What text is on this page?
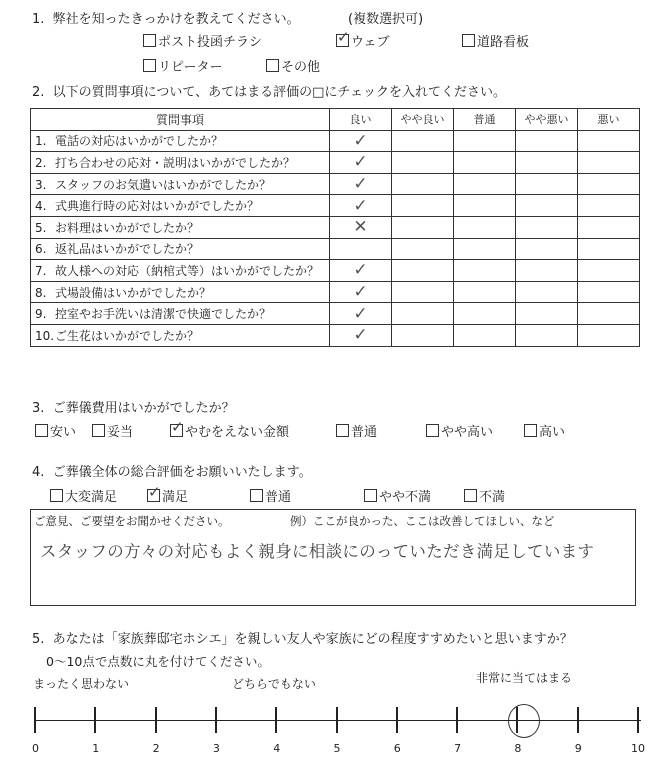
1. 弊社を知ったきっかけを教えてください。	(複数選択可)
ポスト投函チラシ ✓	ウェブ	道路看板
リピーター	その他
2. 以下の質問事項について、あてはまる評価の□にチェックを入れてください。
質問事項	良い	やや良い	普通	やや悪い	悪い
1. 電話の対応はいかがでしたか？	✓				
2. 打ち合わせの応対・説明はいかがでしたか？	✓				
3. スタッフのお気遣いはいかがでしたか？	✓				
4. 式典進行時の応対はいかがでしたか？	✓				
5. お料理はいかがでしたか？	✕				
6. 返礼品はいかがでしたか？					
7. 故人様への対応（納棺式等）はいかがでしたか？	✓				
8. 式場設備はいかがでしたか？	✓				
9. 控室やお手洗いは清潔で快適でしたか？	✓				
10.ご生花はいかがでしたか？	✓				
3. ご葬儀費用はいかがでしたか？
安い	妥当 ✓	やむをえない金額	普通	やや高い	高い
4. ご葬儀全体の総合評価をお願いいたします。
大変満足 ✓	満足	普通	やや不満	不満
ご意見、ご要望をお聞かせください。	例）ここが良かった、ここは改善してほしい、など
スタッフの方々の対応もよく親身に相談にのっていただき満足しています
5. あなたは「家族葬邸宅ホシエ」を親しい友人や家族にどの程度すすめたいと思いますか？
0〜10点で点数に丸を付けてください。
まったく思わない	どちらでもない	非常に当てはまる
0	1	2	3	4	5	6	7	8	9	10
